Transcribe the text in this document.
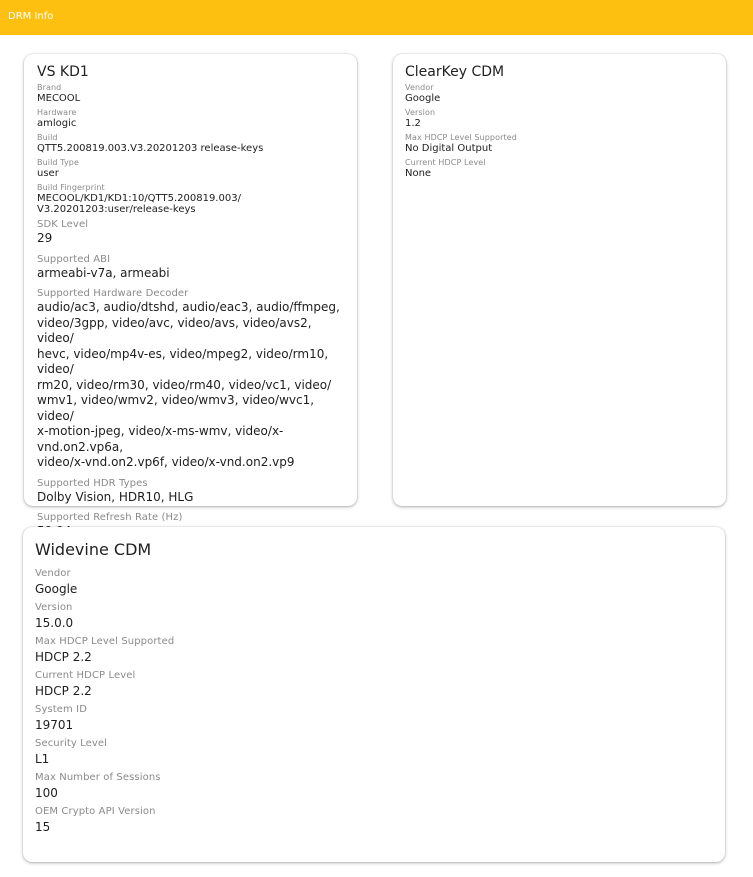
DRM Info
VS KD1
Brand
MECOOL
Hardware
amlogic
Build
QTT5.200819.003.V3.20201203 release-keys
Build Type
user
Build Fingerprint
MECOOL/KD1/KD1:10/QTT5.200819.003/
V3.20201203:user/release-keys
SDK Level
29
Supported ABI
armeabi-v7a, armeabi
Supported Hardware Decoder
audio/ac3, audio/dtshd, audio/eac3, audio/ffmpeg,
video/3gpp, video/avc, video/avs, video/avs2, video/
hevc, video/mp4v-es, video/mpeg2, video/rm10, video/
rm20, video/rm30, video/rm40, video/vc1, video/
wmv1, video/wmv2, video/wmv3, video/wvc1, video/
x-motion-jpeg, video/x-ms-wmv, video/x-vnd.on2.vp6a,
video/x-vnd.on2.vp6f, video/x-vnd.on2.vp9
Supported HDR Types
Dolby Vision, HDR10, HLG
Supported Refresh Rate (Hz)
ClearKey CDM
Vendor
Google
Version
1.2
Max HDCP Level Supported
No Digital Output
Current HDCP Level
None
Widevine CDM
Vendor
Google
Version
15.0.0
Max HDCP Level Supported
HDCP 2.2
Current HDCP Level
HDCP 2.2
System ID
19701
Security Level
L1
Max Number of Sessions
100
OEM Crypto API Version
15
